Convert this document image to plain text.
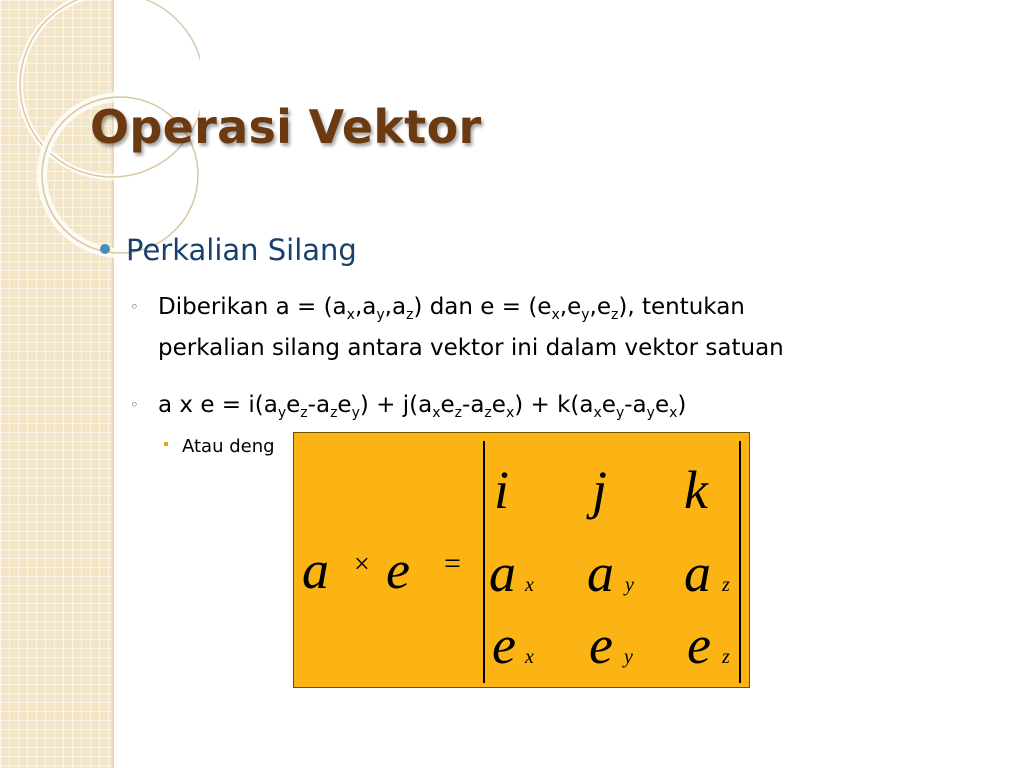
Operasi Vektor
Perkalian Silang
◦ Diberikan $a = (a_x,a_y,a_z)$ dan $e = (e_x,e_y,e_z)$, tentukan
perkalian silang antara vektor ini dalam vektor satuan
◦ a x $e = i(a_ye_z-a_ze_y) + j(a_xe_z-a_ze_x) + k(a_xe_y-a_ye_x)$
Atau deng
a × e =
i j k
a x a y a z
e x e y e z
